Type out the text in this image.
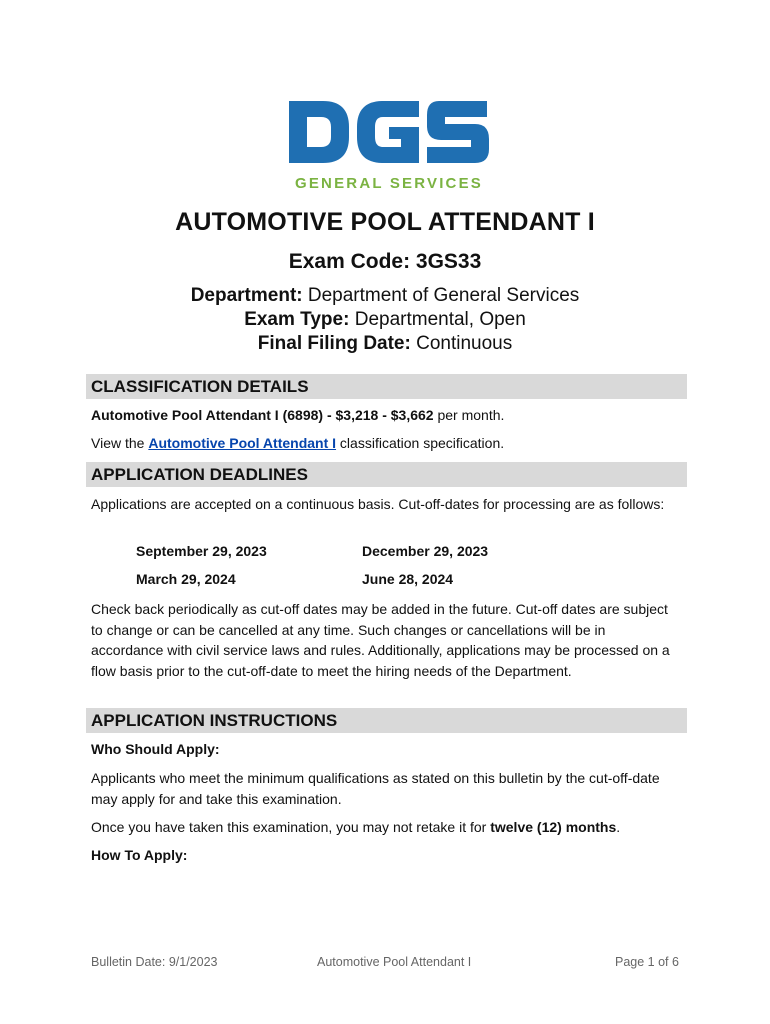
GENERAL SERVICES
AUTOMOTIVE POOL ATTENDANT I
Exam Code: 3GS33
Department: Department of General Services
Exam Type: Departmental, Open
Final Filing Date: Continuous
CLASSIFICATION DETAILS
Automotive Pool Attendant I (6898) - $3,218 - $3,662 per month.
View the Automotive Pool Attendant I classification specification.
APPLICATION DEADLINES
Applications are accepted on a continuous basis. Cut-off-dates for processing are as follows:
September 29, 2023	December 29, 2023
March 29, 2024	June 28, 2024
Check back periodically as cut-off dates may be added in the future. Cut-off dates are subject to change or can be cancelled at any time. Such changes or cancellations will be in accordance with civil service laws and rules. Additionally, applications may be processed on a flow basis prior to the cut-off-date to meet the hiring needs of the Department.
APPLICATION INSTRUCTIONS
Who Should Apply:
Applicants who meet the minimum qualifications as stated on this bulletin by the cut-off-date may apply for and take this examination.
Once you have taken this examination, you may not retake it for twelve (12) months.
How To Apply:
Bulletin Date: 9/1/2023	Automotive Pool Attendant I	Page 1 of 6
